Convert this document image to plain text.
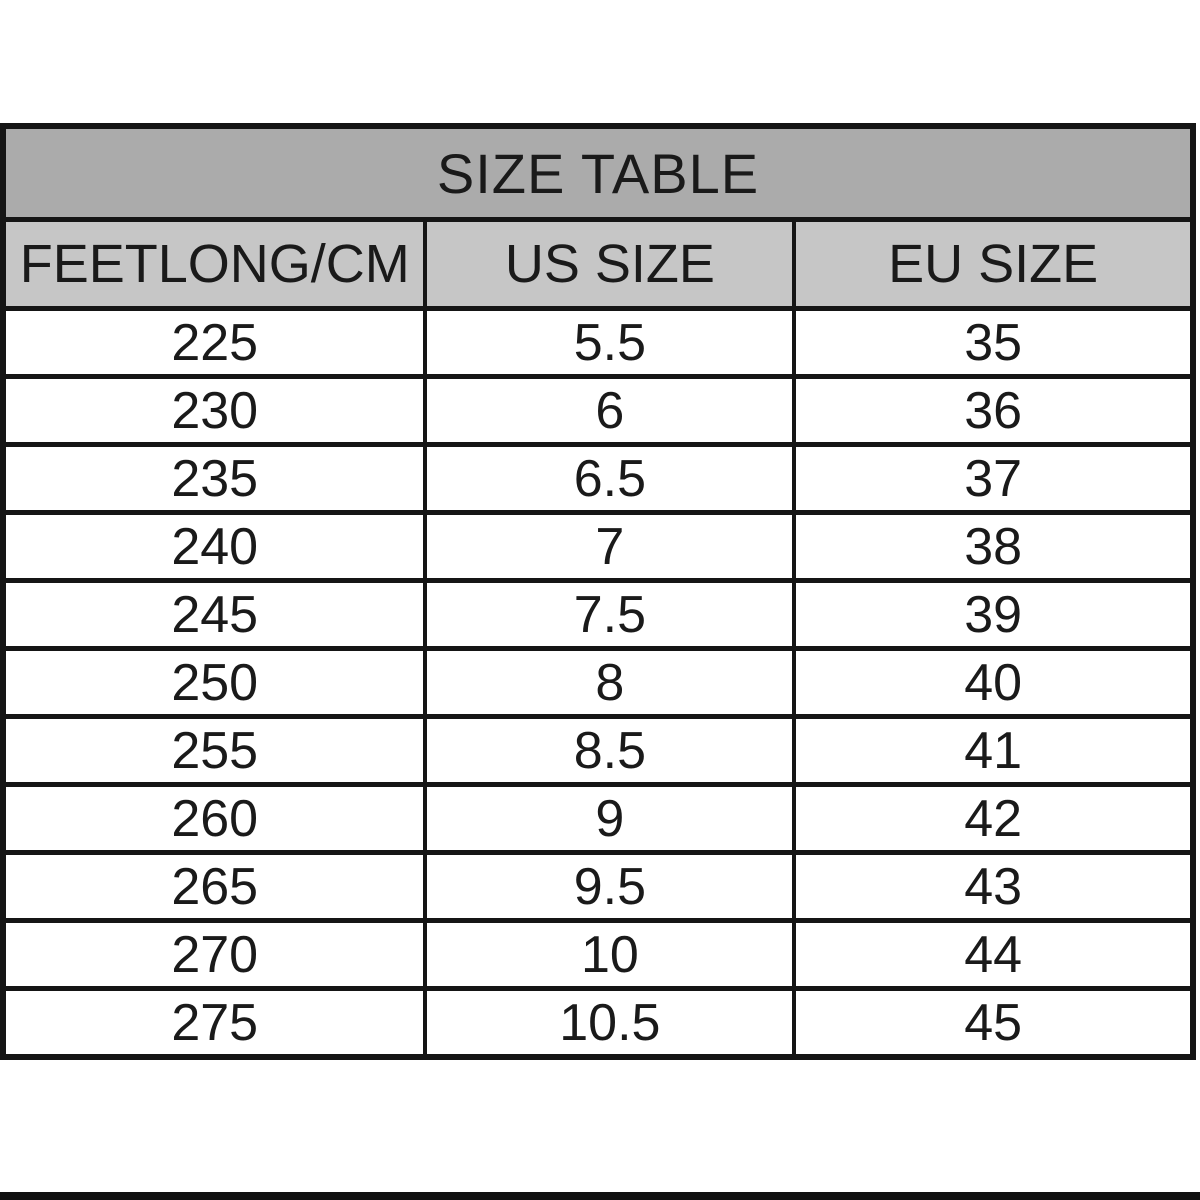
SIZE TABLE		
FEETLONG/CM	US SIZE	EU SIZE
225	5.5	35
230	6	36
235	6.5	37
240	7	38
245	7.5	39
250	8	40
255	8.5	41
260	9	42
265	9.5	43
270	10	44
275	10.5	45
